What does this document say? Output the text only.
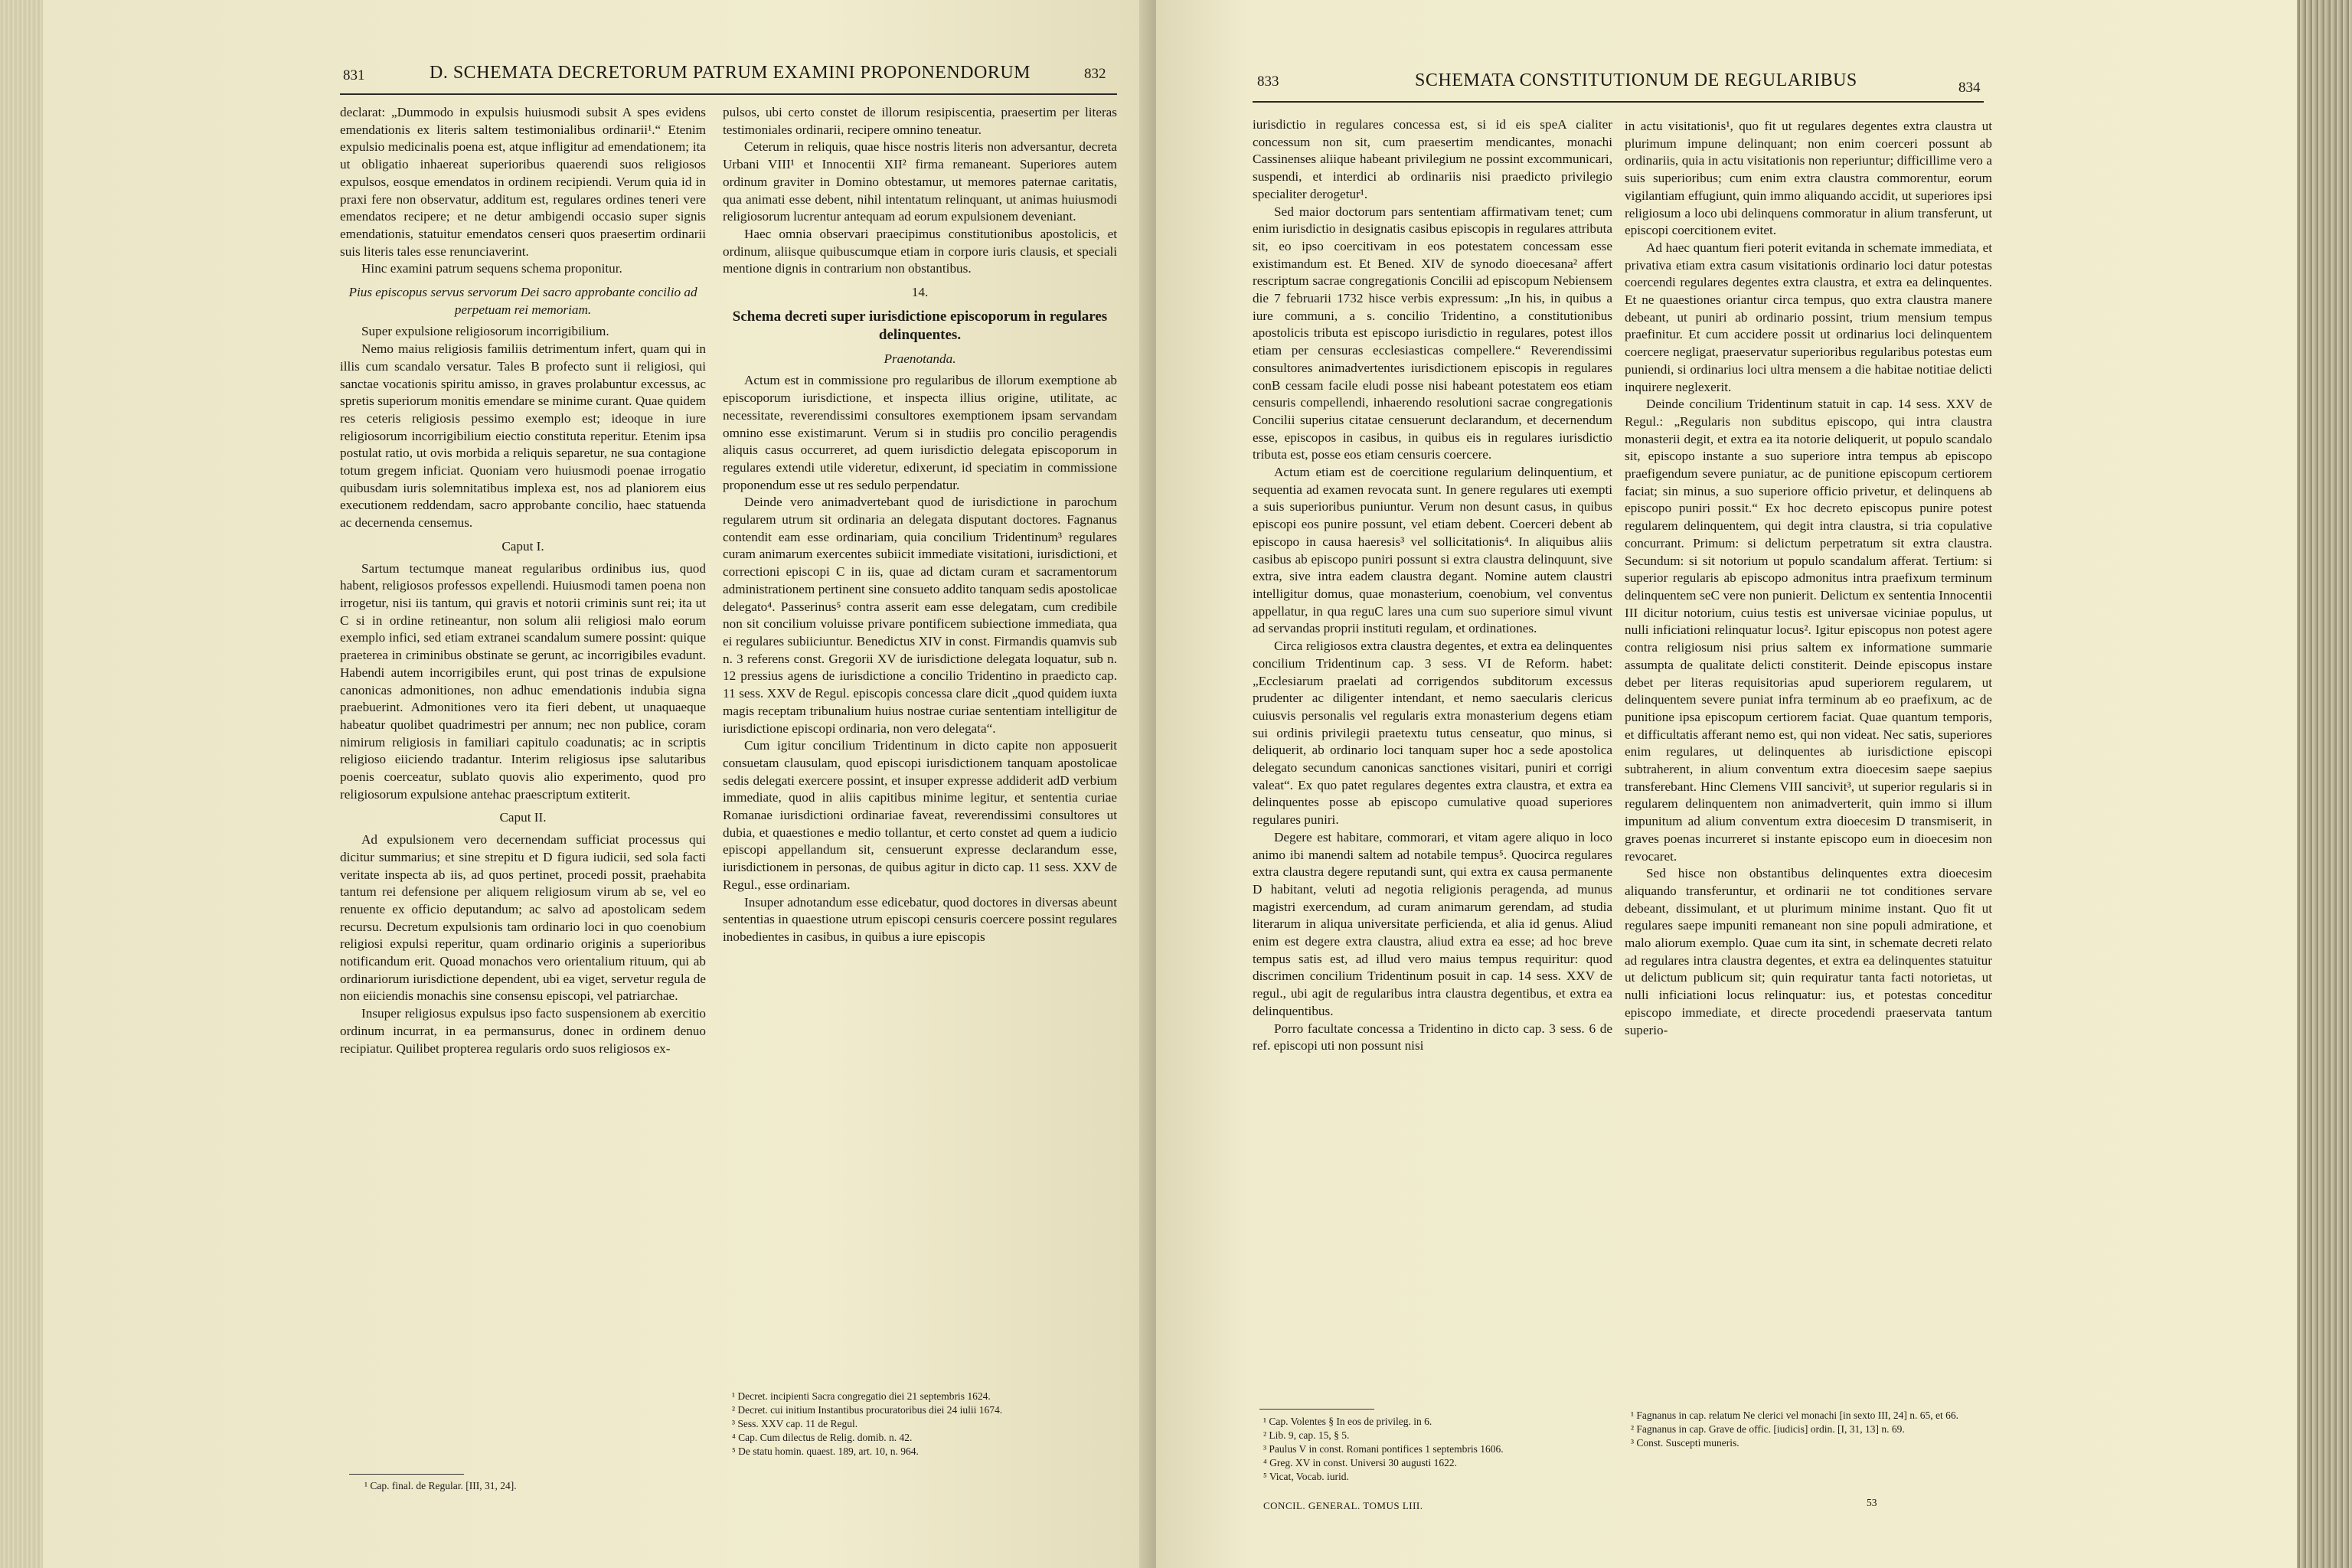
831	D. SCHEMATA DECRETORUM PATRUM EXAMINI PROPONENDORUM	832

declarat: „Dummodo in expulsis huiusmodi subsit A spes evidens emendationis ex literis saltem testimonialibus ordinarii¹.“ Etenim expulsio medicinalis poena est, atque infligitur ad emendationem; ita ut obligatio inhaereat superioribus quaerendi suos religiosos expulsos, eosque emendatos in ordinem recipiendi. Verum quia id in praxi fere non observatur, additum est, regulares ordines teneri vere emendatos recipere; et ne detur ambigendi occasio super signis emendationis, statuitur emendatos censeri quos praesertim ordinarii suis literis tales esse renunciaverint.

Hinc examini patrum sequens schema proponitur.

Pius episcopus servus servorum Dei sacro approbante concilio ad perpetuam rei memoriam.

Super expulsione religiosorum incorrigibilium.

Nemo maius religiosis familiis detrimentum infert, quam qui in illis cum scandalo versatur. Tales B profecto sunt ii religiosi, qui sanctae vocationis spiritu amisso, in graves prolabuntur excessus, ac spretis superiorum monitis emendare se minime curant. Quae quidem res ceteris religiosis pessimo exemplo est; ideoque in iure religiosorum incorrigibilium eiectio constituta reperitur. Etenim ipsa postulat ratio, ut ovis morbida a reliquis separetur, ne sua contagione totum gregem inficiat. Quoniam vero huiusmodi poenae irrogatio quibusdam iuris solemnitatibus implexa est, nos ad planiorem eius executionem reddendam, sacro approbante concilio, haec statuenda ac decernenda censemus.

Caput I.

Sartum tectumque maneat regularibus ordinibus ius, quod habent, religiosos professos expellendi. Huiusmodi tamen poena non irrogetur, nisi iis tantum, qui gravis et notorii criminis sunt rei; ita ut C si in ordine retineantur, non solum alii religiosi malo eorum exemplo infici, sed etiam extranei scandalum sumere possint: quique praeterea in criminibus obstinate se gerunt, ac incorrigibiles evadunt. Habendi autem incorrigibiles erunt, qui post trinas de expulsione canonicas admonitiones, non adhuc emendationis indubia signa praebuerint. Admonitiones vero ita fieri debent, ut unaquaeque habeatur quolibet quadrimestri per annum; nec non publice, coram nimirum religiosis in familiari capitulo coadunatis; ac in scriptis religioso eiiciendo tradantur. Interim religiosus ipse salutaribus poenis coerceatur, sublato quovis alio experimento, quod pro religiosorum expulsione antehac praescriptum extiterit.

Caput II.

Ad expulsionem vero decernendam sufficiat processus qui dicitur summarius; et sine strepitu et D figura iudicii, sed sola facti veritate inspecta ab iis, ad quos pertinet, procedi possit, praehabita tantum rei defensione per aliquem religiosum virum ab se, vel eo renuente ex officio deputandum; ac salvo ad apostolicam sedem recursu. Decretum expulsionis tam ordinario loci in quo coenobium religiosi expulsi reperitur, quam ordinario originis a superioribus notificandum erit. Quoad monachos vero orientalium rituum, qui ab ordinariorum iurisdictione dependent, ubi ea viget, servetur regula de non eiiciendis monachis sine consensu episcopi, vel patriarchae.

Insuper religiosus expulsus ipso facto suspensionem ab exercitio ordinum incurrat, in ea permansurus, donec in ordinem denuo recipiatur. Quilibet propterea regularis ordo suos religiosos ex-

pulsos, ubi certo constet de illorum resipiscentia, praesertim per literas testimoniales ordinarii, recipere omnino teneatur.

Ceterum in reliquis, quae hisce nostris literis non adversantur, decreta Urbani VIII¹ et Innocentii XII² firma remaneant. Superiores autem ordinum graviter in Domino obtestamur, ut memores paternae caritatis, qua animati esse debent, nihil intentatum relinquant, ut animas huiusmodi religiosorum lucrentur antequam ad eorum expulsionem deveniant.

Haec omnia observari praecipimus constitutionibus apostolicis, et ordinum, aliisque quibuscumque etiam in corpore iuris clausis, et speciali mentione dignis in contrarium non obstantibus.

14.

Schema decreti super iurisdictione episcoporum in regulares delinquentes.

Praenotanda.

Actum est in commissione pro regularibus de illorum exemptione ab episcoporum iurisdictione, et inspecta illius origine, utilitate, ac necessitate, reverendissimi consultores exemptionem ipsam servandam omnino esse existimarunt. Verum si in studiis pro concilio peragendis aliquis casus occurreret, ad quem iurisdictio delegata episcoporum in regulares extendi utile videretur, edixerunt, id speciatim in commissione proponendum esse ut res sedulo perpendatur.

Deinde vero animadvertebant quod de iurisdictione in parochum regularem utrum sit ordinaria an delegata disputant doctores. Fagnanus contendit eam esse ordinariam, quia concilium Tridentinum³ regulares curam animarum exercentes subiicit immediate visitationi, iurisdictioni, et correctioni episcopi C in iis, quae ad dictam curam et sacramentorum administrationem pertinent sine consueto addito tanquam sedis apostolicae delegato⁴. Passerinus⁵ contra asserit eam esse delegatam, cum credibile non sit concilium voluisse privare pontificem subiectione immediata, qua ei regulares subiiciuntur. Benedictus XIV in const. Firmandis quamvis sub n. 3 referens const. Gregorii XV de iurisdictione delegata loquatur, sub n. 12 pressius agens de iurisdictione a concilio Tridentino in praedicto cap. 11 sess. XXV de Regul. episcopis concessa clare dicit „quod quidem iuxta magis receptam tribunalium huius nostrae curiae sententiam intelligitur de iurisdictione episcopi ordinaria, non vero delegata“.

Cum igitur concilium Tridentinum in dicto capite non apposuerit consuetam clausulam, quod episcopi iurisdictionem tanquam apostolicae sedis delegati exercere possint, et insuper expresse addiderit adD verbium immediate, quod in aliis capitibus minime legitur, et sententia curiae Romanae iurisdictioni ordinariae faveat, reverendissimi consultores ut dubia, et quaestiones e medio tollantur, et certo constet ad quem a iudicio episcopi appellandum sit, censuerunt expresse declarandum esse, iurisdictionem in personas, de quibus agitur in dicto cap. 11 sess. XXV de Regul., esse ordinariam.

Insuper adnotandum esse edicebatur, quod doctores in diversas abeunt sententias in quaestione utrum episcopi censuris coercere possint regulares inobedientes in casibus, in quibus a iure episcopis

¹ Cap. final. de Regular. [III, 31, 24].

¹ Decret. incipienti Sacra congregatio diei 21 septembris 1624.

² Decret. cui initium Instantibus procuratoribus diei 24 iulii 1674.

³ Sess. XXV cap. 11 de Regul.

⁴ Cap. Cum dilectus de Relig. domib. n. 42.

⁵ De statu homin. quaest. 189, art. 10, n. 964.

833	SCHEMATA CONSTITUTIONUM DE REGULARIBUS	834

iurisdictio in regulares concessa est, si id eis speA cialiter concessum non sit, cum praesertim mendicantes, monachi Cassinenses aliique habeant privilegium ne possint excommunicari, suspendi, et interdici ab ordinariis nisi praedicto privilegio specialiter derogetur¹.

Sed maior doctorum pars sententiam affirmativam tenet; cum enim iurisdictio in designatis casibus episcopis in regulares attributa sit, eo ipso coercitivam in eos potestatem concessam esse existimandum est. Et Bened. XIV de synodo dioecesana² affert rescriptum sacrae congregationis Concilii ad episcopum Nebiensem die 7 februarii 1732 hisce verbis expressum: „In his, in quibus a iure communi, a s. concilio Tridentino, a constitutionibus apostolicis tributa est episcopo iurisdictio in regulares, potest illos etiam per censuras ecclesiasticas compellere.“ Reverendissimi consultores animadvertentes iurisdictionem episcopis in regulares conB cessam facile eludi posse nisi habeant potestatem eos etiam censuris compellendi, inhaerendo resolutioni sacrae congregationis Concilii superius citatae censuerunt declarandum, et decernendum esse, episcopos in casibus, in quibus eis in regulares iurisdictio tributa est, posse eos etiam censuris coercere.

Actum etiam est de coercitione regularium delinquentium, et sequentia ad examen revocata sunt. In genere regulares uti exempti a suis superioribus puniuntur. Verum non desunt casus, in quibus episcopi eos punire possunt, vel etiam debent. Coerceri debent ab episcopo in causa haeresis³ vel sollicitationis⁴. In aliquibus aliis casibus ab episcopo puniri possunt si extra claustra delinquunt, sive extra, sive intra eadem claustra degant. Nomine autem claustri intelligitur domus, quae monasterium, coenobium, vel conventus appellatur, in qua reguC lares una cum suo superiore simul vivunt ad servandas proprii instituti regulam, et ordinationes.

Circa religiosos extra claustra degentes, et extra ea delinquentes concilium Tridentinum cap. 3 sess. VI de Reform. habet: „Ecclesiarum praelati ad corrigendos subditorum excessus prudenter ac diligenter intendant, et nemo saecularis clericus cuiusvis personalis vel regularis extra monasterium degens etiam sui ordinis privilegii praetextu tutus censeatur, quo minus, si deliquerit, ab ordinario loci tanquam super hoc a sede apostolica delegato secundum canonicas sanctiones visitari, puniri et corrigi valeat“. Ex quo patet regulares degentes extra claustra, et extra ea delinquentes posse ab episcopo cumulative quoad superiores regulares puniri.

Degere est habitare, commorari, et vitam agere aliquo in loco animo ibi manendi saltem ad notabile tempus⁵. Quocirca regulares extra claustra degere reputandi sunt, qui extra ex causa permanente D habitant, veluti ad negotia religionis peragenda, ad munus magistri exercendum, ad curam animarum gerendam, ad studia literarum in aliqua universitate perficienda, et alia id genus. Aliud enim est degere extra claustra, aliud extra ea esse; ad hoc breve tempus satis est, ad illud vero maius tempus requiritur: quod discrimen concilium Tridentinum posuit in cap. 14 sess. XXV de regul., ubi agit de regularibus intra claustra degentibus, et extra ea delinquentibus.

Porro facultate concessa a Tridentino in dicto cap. 3 sess. 6 de ref. episcopi uti non possunt nisi

in actu visitationis¹, quo fit ut regulares degentes extra claustra ut plurimum impune delinquant; non enim coerceri possunt ab ordinariis, quia in actu visitationis non reperiuntur; difficillime vero a suis superioribus; cum enim extra claustra commorentur, eorum vigilantiam effugiunt, quin immo aliquando accidit, ut superiores ipsi religiosum a loco ubi delinquens commoratur in alium transferunt, ut episcopi coercitionem evitet.

Ad haec quantum fieri poterit evitanda in schemate immediata, et privativa etiam extra casum visitationis ordinario loci datur potestas coercendi regulares degentes extra claustra, et extra ea delinquentes. Et ne quaestiones oriantur circa tempus, quo extra claustra manere debeant, ut puniri ab ordinario possint, trium mensium tempus praefinitur. Et cum accidere possit ut ordinarius loci delinquentem coercere negligat, praeservatur superioribus regularibus potestas eum puniendi, si ordinarius loci ultra mensem a die habitae notitiae delicti inquirere neglexerit.

Deinde concilium Tridentinum statuit in cap. 14 sess. XXV de Regul.: „Regularis non subditus episcopo, qui intra claustra monasterii degit, et extra ea ita notorie deliquerit, ut populo scandalo sit, episcopo instante a suo superiore intra tempus ab episcopo praefigendum severe puniatur, ac de punitione episcopum certiorem faciat; sin minus, a suo superiore officio privetur, et delinquens ab episcopo puniri possit.“ Ex hoc decreto episcopus punire potest regularem delinquentem, qui degit intra claustra, si tria copulative concurrant. Primum: si delictum perpetratum sit extra claustra. Secundum: si sit notorium ut populo scandalum afferat. Tertium: si superior regularis ab episcopo admonitus intra praefixum terminum delinquentem seC vere non punierit. Delictum ex sententia Innocentii III dicitur notorium, cuius testis est universae viciniae populus, ut nulli inficiationi relinquatur locus². Igitur episcopus non potest agere contra religiosum nisi prius saltem ex informatione summarie assumpta de qualitate delicti constiterit. Deinde episcopus instare debet per literas requisitorias apud superiorem regularem, ut delinquentem severe puniat infra terminum ab eo praefixum, ac de punitione ipsa episcopum certiorem faciat. Quae quantum temporis, et difficultatis afferant nemo est, qui non videat. Nec satis, superiores enim regulares, ut delinquentes ab iurisdictione episcopi subtraherent, in alium conventum extra dioecesim saepe saepius transferebant. Hinc Clemens VIII sancivit³, ut superior regularis si in regularem delinquentem non animadverterit, quin immo si illum impunitum ad alium conventum extra dioecesim D transmiserit, in graves poenas incurreret si instante episcopo eum in dioecesim non revocaret.

Sed hisce non obstantibus delinquentes extra dioecesim aliquando transferuntur, et ordinarii ne tot conditiones servare debeant, dissimulant, et ut plurimum minime instant. Quo fit ut regulares saepe impuniti remaneant non sine populi admiratione, et malo aliorum exemplo. Quae cum ita sint, in schemate decreti relato ad regulares intra claustra degentes, et extra ea delinquentes statuitur ut delictum publicum sit; quin requiratur tanta facti notorietas, ut nulli inficiationi locus relinquatur: ius, et potestas conceditur episcopo immediate, et directe procedendi praeservata tantum superio-

¹ Cap. Volentes § In eos de privileg. in 6.

² Lib. 9, cap. 15, § 5.

³ Paulus V in const. Romani pontifices 1 septembris 1606.

⁴ Greg. XV in const. Universi 30 augusti 1622.

⁵ Vicat, Vocab. iurid.

CONCIL. GENERAL. TOMUS LIII.

¹ Fagnanus in cap. relatum Ne clerici vel monachi [in sexto III, 24] n. 65, et 66.

² Fagnanus in cap. Grave de offic. [iudicis] ordin. [I, 31, 13] n. 69.

³ Const. Suscepti muneris.

53
